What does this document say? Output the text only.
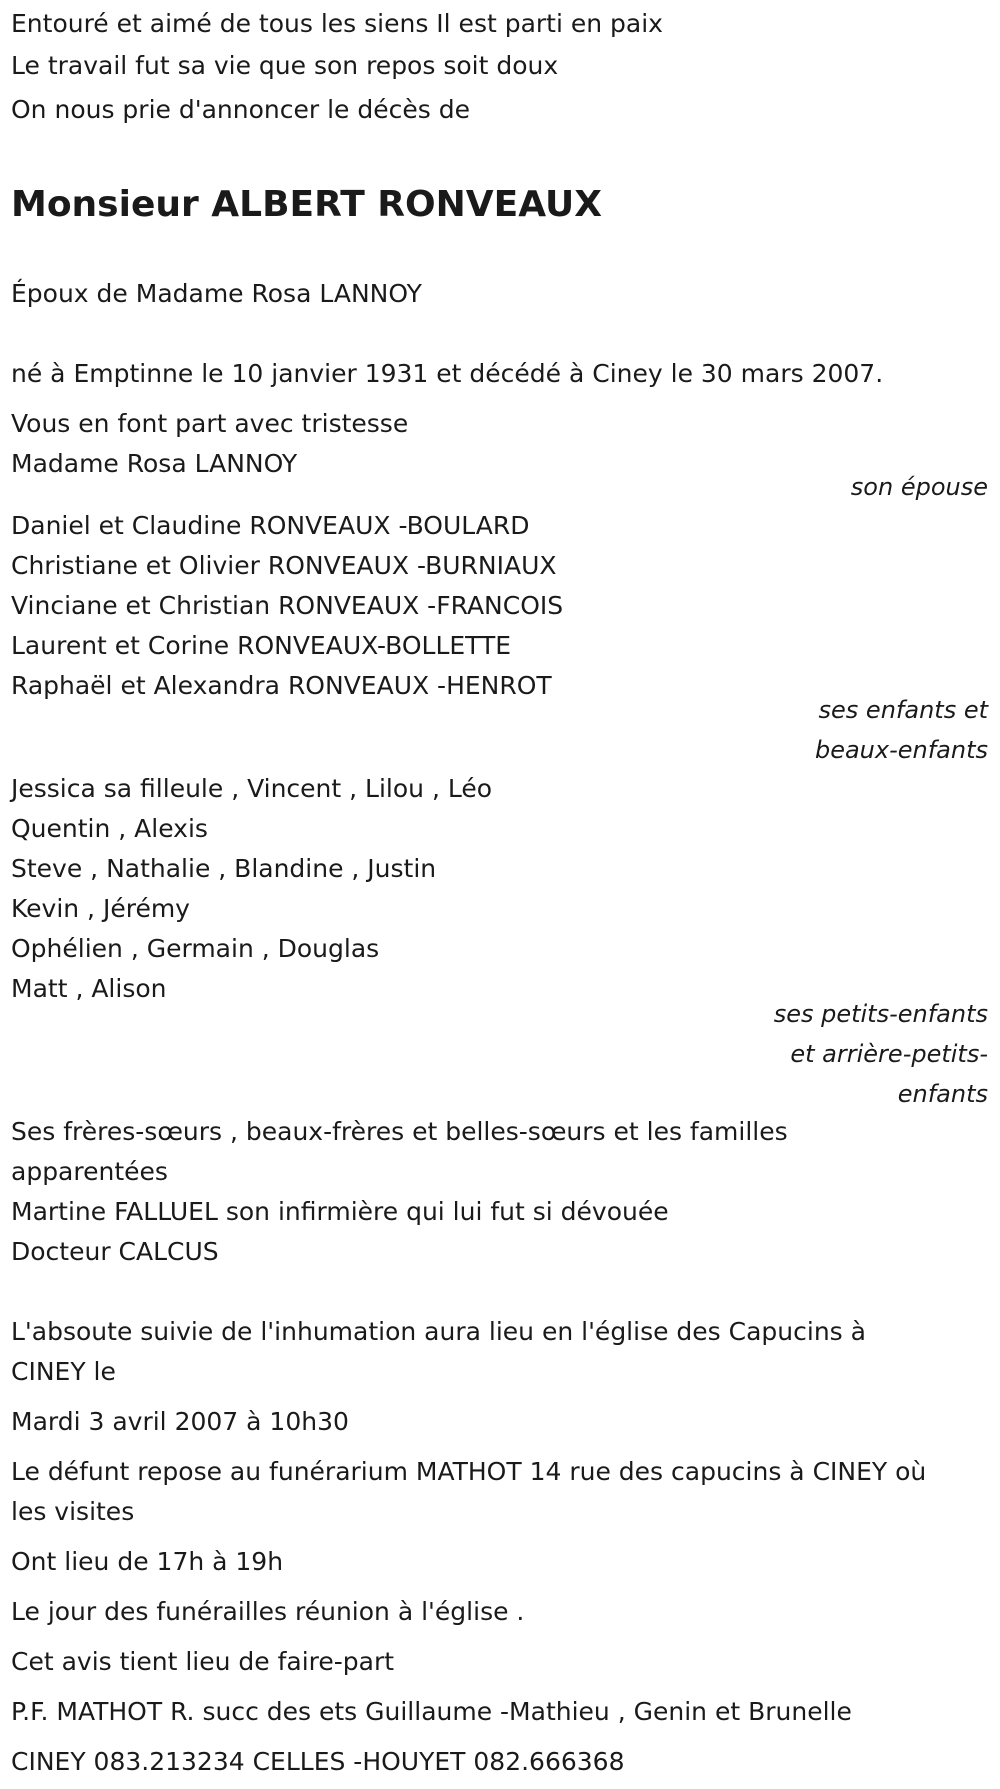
Entouré et aimé de tous les siens Il est parti en paix
Le travail fut sa vie que son repos soit doux
On nous prie d'annoncer le décès de
Monsieur ALBERT RONVEAUX
Époux de Madame Rosa LANNOY
né à Emptinne le 10 janvier 1931 et décédé à Ciney le 30 mars 2007.
Vous en font part avec tristesse
Madame Rosa LANNOY
son épouse
Daniel et Claudine RONVEAUX -BOULARD
Christiane et Olivier RONVEAUX -BURNIAUX
Vinciane et Christian RONVEAUX -FRANCOIS
Laurent et Corine RONVEAUX-BOLLETTE
Raphaël et Alexandra RONVEAUX -HENROT
ses enfants et
beaux-enfants
Jessica sa filleule , Vincent , Lilou , Léo
Quentin , Alexis
Steve , Nathalie , Blandine , Justin
Kevin , Jérémy
Ophélien , Germain , Douglas
Matt , Alison
ses petits-enfants
et arrière-petits-
enfants
Ses frères-sœurs , beaux-frères et belles-sœurs et les familles
apparentées
Martine FALLUEL son infirmière qui lui fut si dévouée
Docteur CALCUS
L'absoute suivie de l'inhumation aura lieu en l'église des Capucins à
CINEY le
Mardi 3 avril 2007 à 10h30
Le défunt repose au funérarium MATHOT 14 rue des capucins à CINEY où
les visites
Ont lieu de 17h à 19h
Le jour des funérailles réunion à l'église .
Cet avis tient lieu de faire-part
P.F. MATHOT R. succ des ets Guillaume -Mathieu , Genin et Brunelle
CINEY 083.213234 CELLES -HOUYET 082.666368
